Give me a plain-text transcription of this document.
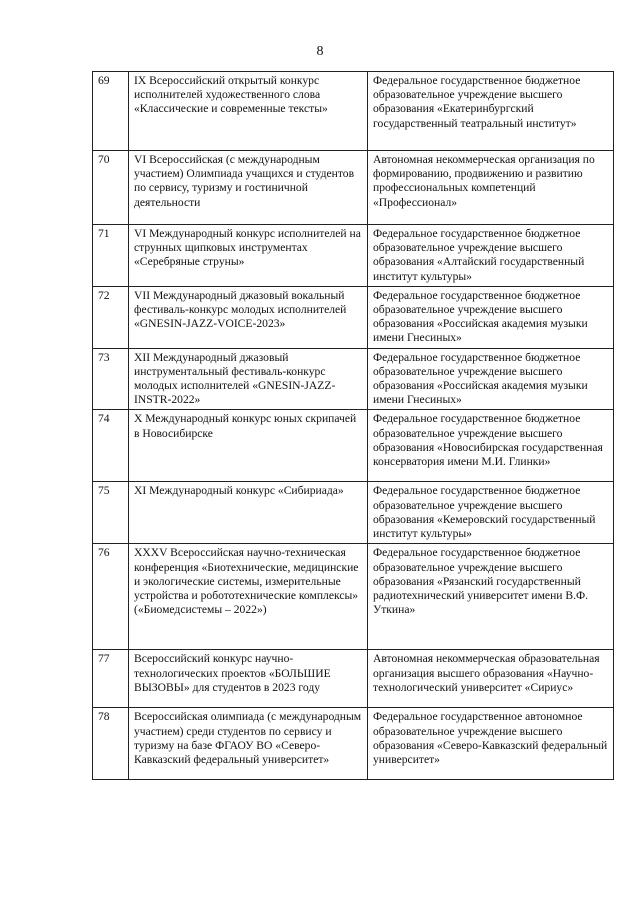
8
69	IX Всероссийский открытый конкурс исполнителей художественного слова «Классические и современные тексты»	Федеральное государственное бюджетное образовательное учреждение высшего образования «Екатеринбургский государственный театральный институт»
70	VI Всероссийская (с международным участием) Олимпиада учащихся и студентов по сервису, туризму и гостиничной деятельности	Автономная некоммерческая организация по формированию, продвижению и развитию профессиональных компетенций «Профессионал»
71	VI Международный конкурс исполнителей на струнных щипковых инструментах «Серебряные струны»	Федеральное государственное бюджетное образовательное учреждение высшего образования «Алтайский государственный институт культуры»
72	VII Международный джазовый вокальный фестиваль-конкурс молодых исполнителей «GNESIN-JAZZ-VOICE-2023»	Федеральное государственное бюджетное образовательное учреждение высшего образования «Российская академия музыки имени Гнесиных»
73	XII Международный джазовый инструментальный фестиваль-конкурс молодых исполнителей «GNESIN-JAZZ-INSTR-2022»	Федеральное государственное бюджетное образовательное учреждение высшего образования «Российская академия музыки имени Гнесиных»
74	X Международный конкурс юных скрипачей в Новосибирске	Федеральное государственное бюджетное образовательное учреждение высшего образования «Новосибирская государственная консерватория имени М.И. Глинки»
75	XI Международный конкурс «Сибириада»	Федеральное государственное бюджетное образовательное учреждение высшего образования «Кемеровский государственный институт культуры»
76	XXXV Всероссийская научно-техническая конференция «Биотехнические, медицинские и экологические системы, измерительные устройства и робототехнические комплексы» («Биомедсистемы – 2022»)	Федеральное государственное бюджетное образовательное учреждение высшего образования «Рязанский государственный радиотехнический университет имени В.Ф. Уткина»
77	Всероссийский конкурс научно-технологических проектов «БОЛЬШИЕ ВЫЗОВЫ» для студентов в 2023 году	Автономная некоммерческая образовательная организация высшего образования «Научно-технологический университет «Сириус»
78	Всероссийская олимпиада (с международным участием) среди студентов по сервису и туризму на базе ФГАОУ ВО «Северо-Кавказский федеральный университет»	Федеральное государственное автономное образовательное учреждение высшего образования «Северо-Кавказский федеральный университет»
